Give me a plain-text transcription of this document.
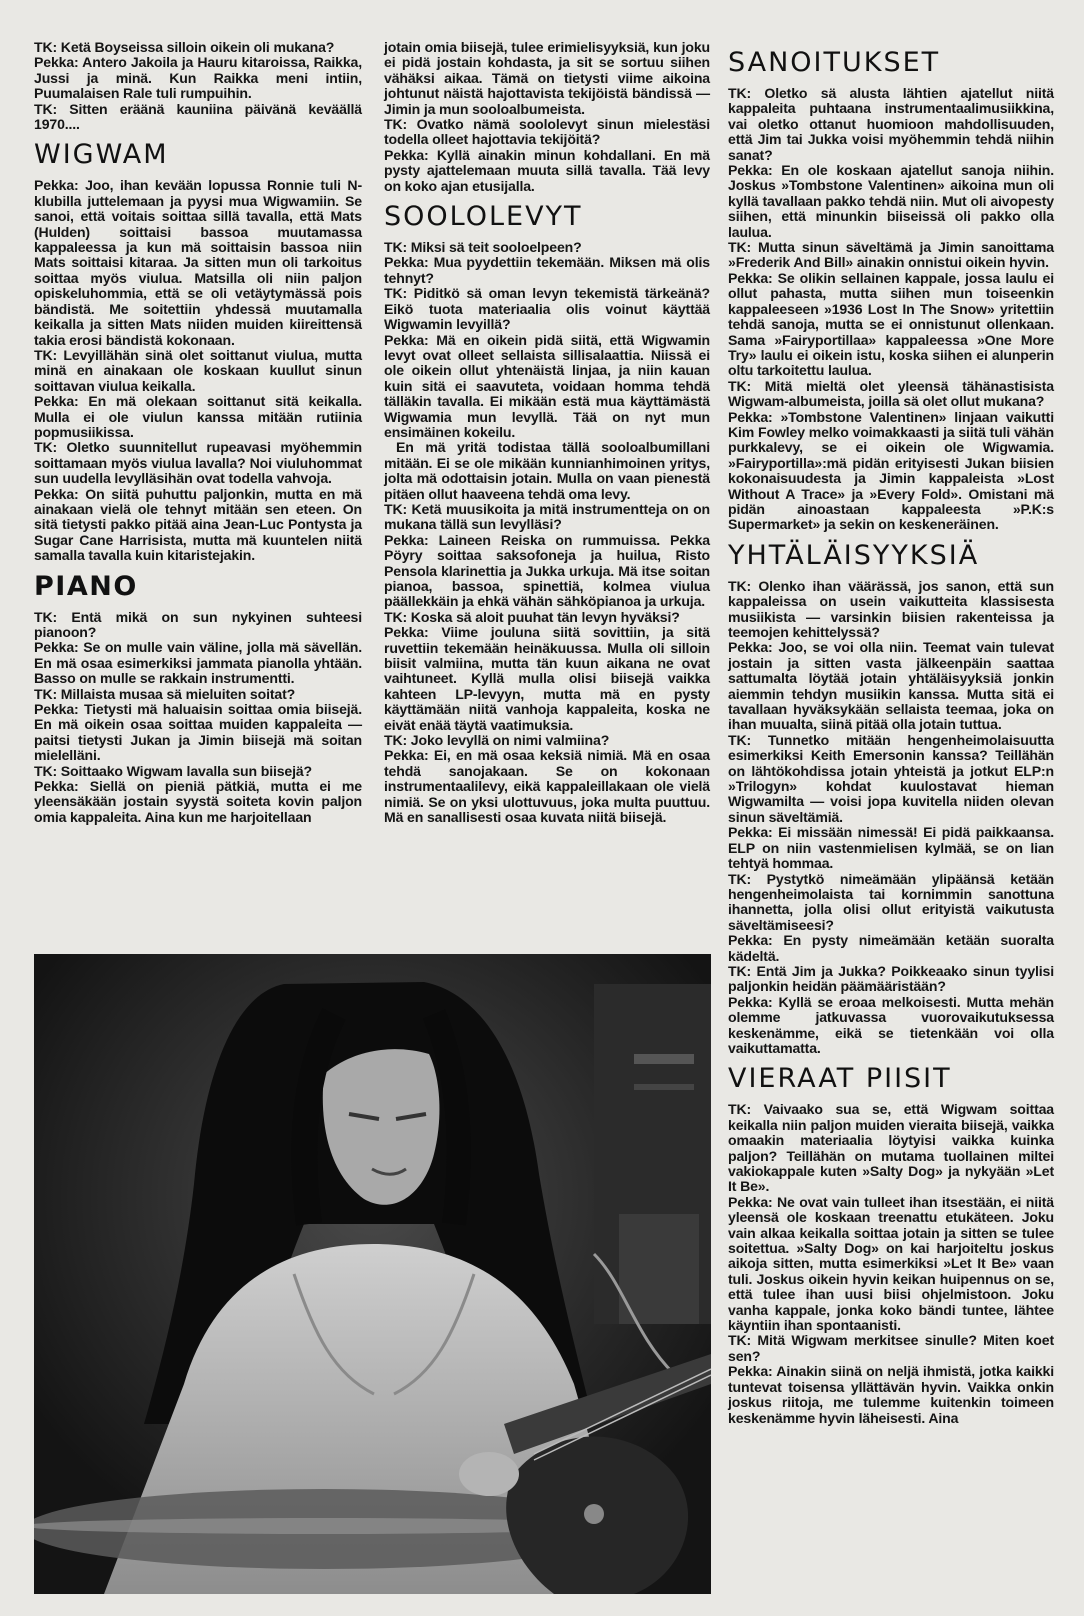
TK: Ketä Boyseissa silloin oikein oli mukana?

Pekka: Antero Jakoila ja Hauru kitaroissa, Raikka, Jussi ja minä. Kun Raikka meni intiin, Puumalaisen Rale tuli rumpuihin.

TK: Sitten eräänä kauniina päivänä keväällä 1970....

WIGWAM

Pekka: Joo, ihan kevään lopussa Ronnie tuli N-klubilla juttelemaan ja pyysi mua Wigwamiin. Se sanoi, että voitais soittaa sillä tavalla, että Mats (Hulden) soittaisi bassoa muutamassa kappaleessa ja kun mä soittaisin bassoa niin Mats soittaisi kitaraa. Ja sitten mun oli tarkoitus soittaa myös viulua. Matsilla oli niin paljon opiskeluhommia, että se oli vetäytymässä pois bändistä. Me soitettiin yhdessä muutamalla keikalla ja sitten Mats niiden muiden kiireittensä takia erosi bändistä kokonaan.

TK: Levyillähän sinä olet soittanut viulua, mutta minä en ainakaan ole koskaan kuullut sinun soittavan viulua keikalla.

Pekka: En mä olekaan soittanut sitä keikalla. Mulla ei ole viulun kanssa mitään rutiinia popmusiikissa.

TK: Oletko suunnitellut rupeavasi myöhemmin soittamaan myös viulua lavalla? Noi viuluhommat sun uudella levylläsihän ovat todella vahvoja.

Pekka: On siitä puhuttu paljonkin, mutta en mä ainakaan vielä ole tehnyt mitään sen eteen. On sitä tietysti pakko pitää aina Jean-Luc Pontysta ja Sugar Cane Harrisista, mutta mä kuuntelen niitä samalla tavalla kuin kitaristejakin.

PIANO

TK: Entä mikä on sun nykyinen suhteesi pianoon?

Pekka: Se on mulle vain väline, jolla mä sävellän. En mä osaa esimerkiksi jammata pianolla yhtään. Basso on mulle se rakkain instrumentti.

TK: Millaista musaa sä mieluiten soitat?

Pekka: Tietysti mä haluaisin soittaa omia biisejä. En mä oikein osaa soittaa muiden kappaleita — paitsi tietysti Jukan ja Jimin biisejä mä soitan mielelläni.

TK: Soittaako Wigwam lavalla sun biisejä?

Pekka: Siellä on pieniä pätkiä, mutta ei me yleensäkään jostain syystä soiteta kovin paljon omia kappaleita. Aina kun me harjoitellaan

jotain omia biisejä, tulee erimielisyyksiä, kun joku ei pidä jostain kohdasta, ja sit se sortuu siihen vähäksi aikaa. Tämä on tietysti viime aikoina johtunut näistä hajottavista tekijöistä bändissä — Jimin ja mun sooloalbumeista.

TK: Ovatko nämä soololevyt sinun mielestäsi todella olleet hajottavia tekijöitä?

Pekka: Kyllä ainakin minun kohdallani. En mä pysty ajattelemaan muuta sillä tavalla. Tää levy on koko ajan etusijalla.

SOOLOLEVYT

TK: Miksi sä teit sooloelpeen?

Pekka: Mua pyydettiin tekemään. Miksen mä olis tehnyt?

TK: Piditkö sä oman levyn tekemistä tärkeänä? Eikö tuota materiaalia olis voinut käyttää Wigwamin levyillä?

Pekka: Mä en oikein pidä siitä, että Wigwamin levyt ovat olleet sellaista sillisalaattia. Niissä ei ole oikein ollut yhtenäistä linjaa, ja niin kauan kuin sitä ei saavuteta, voidaan homma tehdä tälläkin tavalla. Ei mikään estä mua käyttämästä Wigwamia mun levyllä. Tää on nyt mun ensimäinen kokeilu.

En mä yritä todistaa tällä sooloalbumillani mitään. Ei se ole mikään kunnianhimoinen yritys, jolta mä odottaisin jotain. Mulla on vaan pienestä pitäen ollut haaveena tehdä oma levy.

TK: Ketä muusikoita ja mitä instrumentteja on on mukana tällä sun levylläsi?

Pekka: Laineen Reiska on rummuissa. Pekka Pöyry soittaa saksofoneja ja huilua, Risto Pensola klarinettia ja Jukka urkuja. Mä itse soitan pianoa, bassoa, spinettiä, kolmea viulua päällekkäin ja ehkä vähän sähköpianoa ja urkuja.

TK: Koska sä aloit puuhat tän levyn hyväksi?

Pekka: Viime jouluna siitä sovittiin, ja sitä ruvettiin tekemään heinäkuussa. Mulla oli silloin biisit valmiina, mutta tän kuun aikana ne ovat vaihtuneet. Kyllä mulla olisi biisejä vaikka kahteen LP-levyyn, mutta mä en pysty käyttämään niitä vanhoja kappaleita, koska ne eivät enää täytä vaatimuksia.

TK: Joko levyllä on nimi valmiina?

Pekka: Ei, en mä osaa keksiä nimiä. Mä en osaa tehdä sanojakaan. Se on kokonaan instrumentaalilevy, eikä kappaleillakaan ole vielä nimiä. Se on yksi ulottuvuus, joka multa puuttuu. Mä en sanallisesti osaa kuvata niitä biisejä.

SANOITUKSET

TK: Oletko sä alusta lähtien ajatellut niitä kappaleita puhtaana instrumentaalimusiikkina, vai oletko ottanut huomioon mahdollisuuden, että Jim tai Jukka voisi myöhemmin tehdä niihin sanat?

Pekka: En ole koskaan ajatellut sanoja niihin. Joskus »Tombstone Valentinen» aikoina mun oli kyllä tavallaan pakko tehdä niin. Mut oli aivopesty siihen, että minunkin biiseissä oli pakko olla laulua.

TK: Mutta sinun säveltämä ja Jimin sanoittama »Frederik And Bill» ainakin onnistui oikein hyvin.

Pekka: Se olikin sellainen kappale, jossa laulu ei ollut pahasta, mutta siihen mun toiseenkin kappaleeseen »1936 Lost In The Snow» yritettiin tehdä sanoja, mutta se ei onnistunut ollenkaan. Sama »Fairyportillaa» kappaleessa »One More Try» laulu ei oikein istu, koska siihen ei alunperin oltu tarkoitettu laulua.

TK: Mitä mieltä olet yleensä tähänastisista Wigwam-albumeista, joilla sä olet ollut mukana?

Pekka: »Tombstone Valentinen» linjaan vaikutti Kim Fowley melko voimakkaasti ja siitä tuli vähän purkkalevy, se ei oikein ole Wigwamia. »Fairyportilla»:mä pidän erityisesti Jukan biisien kokonaisuudesta ja Jimin kappaleista »Lost Without A Trace» ja »Every Fold». Omistani mä pidän ainoastaan kappaleesta »P.K:s Supermarket» ja sekin on keskeneräinen.

YHTÄLÄISYYKSIÄ

TK: Olenko ihan väärässä, jos sanon, että sun kappaleissa on usein vaikutteita klassisesta musiikista — varsinkin biisien rakenteissa ja teemojen kehittelyssä?

Pekka: Joo, se voi olla niin. Teemat vain tulevat jostain ja sitten vasta jälkeenpäin saattaa sattumalta löytää jotain yhtäläisyyksiä jonkin aiemmin tehdyn musiikin kanssa. Mutta sitä ei tavallaan hyväksykään sellaista teemaa, joka on ihan muualta, siinä pitää olla jotain tuttua.

TK: Tunnetko mitään hengenheimolaisuutta esimerkiksi Keith Emersonin kanssa? Teillähän on lähtökohdissa jotain yhteistä ja jotkut ELP:n »Trilogyn» kohdat kuulostavat hieman Wigwamilta — voisi jopa kuvitella niiden olevan sinun säveltämiä.

Pekka: Ei missään nimessä! Ei pidä paikkaansa. ELP on niin vastenmielisen kylmää, se on lian tehtyä hommaa.

TK: Pystytkö nimeämään ylipäänsä ketään hengenheimolaista tai kornimmin sanottuna ihannetta, jolla olisi ollut erityistä vaikutusta säveltämiseesi?

Pekka: En pysty nimeämään ketään suoralta kädeltä.

TK: Entä Jim ja Jukka? Poikkeaako sinun tyylisi paljonkin heidän päämääristään?

Pekka: Kyllä se eroaa melkoisesti. Mutta mehän olemme jatkuvassa vuorovaikutuksessa keskenämme, eikä se tietenkään voi olla vaikuttamatta.

VIERAAT PIISIT

TK: Vaivaako sua se, että Wigwam soittaa keikalla niin paljon muiden vieraita biisejä, vaikka omaakin materiaalia löytyisi vaikka kuinka paljon? Teillähän on mutama tuollainen miltei vakiokappale kuten »Salty Dog» ja nykyään »Let It Be».

Pekka: Ne ovat vain tulleet ihan itsestään, ei niitä yleensä ole koskaan treenattu etukäteen. Joku vain alkaa keikalla soittaa jotain ja sitten se tulee soitettua. »Salty Dog» on kai harjoiteltu joskus aikoja sitten, mutta esimerkiksi »Let It Be» vaan tuli. Joskus oikein hyvin keikan huipennus on se, että tulee ihan uusi biisi ohjelmistoon. Joku vanha kappale, jonka koko bändi tuntee, lähtee käyntiin ihan spontaanisti.

TK: Mitä Wigwam merkitsee sinulle? Miten koet sen?

Pekka: Ainakin siinä on neljä ihmistä, jotka kaikki tuntevat toisensa yllättävän hyvin. Vaikka onkin joskus riitoja, me tulemme kuitenkin toimeen keskenämme hyvin läheisesti. Aina
